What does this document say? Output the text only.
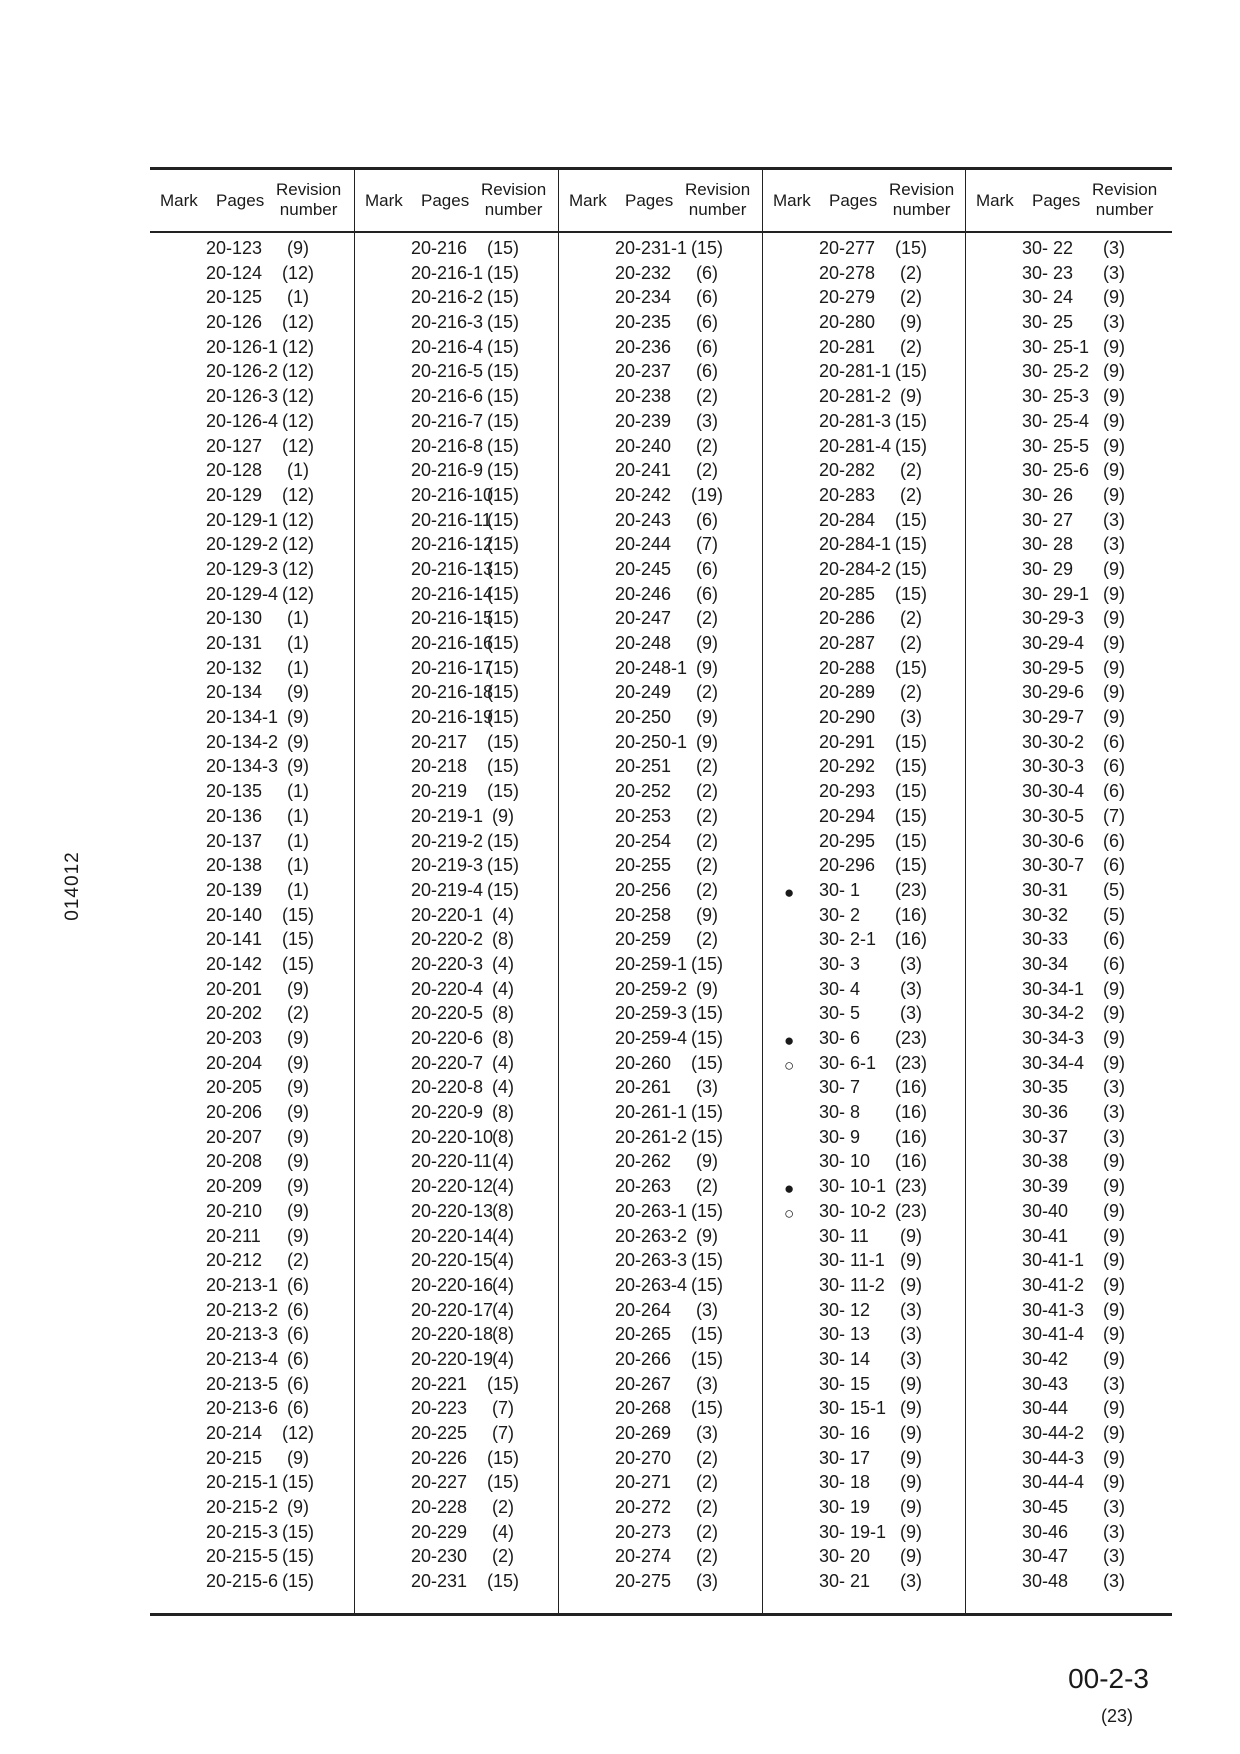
014012
Mark Pages
Revision
number
20-123 (9)
20-124 (12)
20-125 (1)
20-126 (12)
20-126-1 (12)
20-126-2 (12)
20-126-3 (12)
20-126-4 (12)
20-127 (12)
20-128 (1)
20-129 (12)
20-129-1 (12)
20-129-2 (12)
20-129-3 (12)
20-129-4 (12)
20-130 (1)
20-131 (1)
20-132 (1)
20-134 (9)
20-134-1 (9)
20-134-2 (9)
20-134-3 (9)
20-135 (1)
20-136 (1)
20-137 (1)
20-138 (1)
20-139 (1)
20-140 (15)
20-141 (15)
20-142 (15)
20-201 (9)
20-202 (2)
20-203 (9)
20-204 (9)
20-205 (9)
20-206 (9)
20-207 (9)
20-208 (9)
20-209 (9)
20-210 (9)
20-211 (9)
20-212 (2)
20-213-1 (6)
20-213-2 (6)
20-213-3 (6)
20-213-4 (6)
20-213-5 (6)
20-213-6 (6)
20-214 (12)
20-215 (9)
20-215-1 (15)
20-215-2 (9)
20-215-3 (15)
20-215-5 (15)
20-215-6 (15)
Mark Pages
Revision
number
20-216 (15)
20-216-1 (15)
20-216-2 (15)
20-216-3 (15)
20-216-4 (15)
20-216-5 (15)
20-216-6 (15)
20-216-7 (15)
20-216-8 (15)
20-216-9 (15)
20-216-10
(15)
20-216-11
(15)
20-216-12
(15)
20-216-13
(15)
20-216-14
(15)
20-216-15
(15)
20-216-16
(15)
20-216-17
(15)
20-216-18
(15)
20-216-19
(15)
20-217 (15)
20-218 (15)
20-219 (15)
20-219-1 (9)
20-219-2 (15)
20-219-3 (15)
20-219-4 (15)
20-220-1 (4)
20-220-2 (8)
20-220-3 (4)
20-220-4 (4)
20-220-5 (8)
20-220-6 (8)
20-220-7 (4)
20-220-8 (4)
20-220-9 (8)
20-220-10
(8)
20-220-11 (4)
20-220-12
(4)
20-220-13
(8)
20-220-14
(4)
20-220-15
(4)
20-220-16
(4)
20-220-17
(4)
20-220-18
(8)
20-220-19
(4)
20-221 (15)
20-223 (7)
20-225 (7)
20-226 (15)
20-227 (15)
20-228 (2)
20-229 (4)
20-230 (2)
20-231 (15)
Mark Pages
Revision
number
20-231-1 (15)
20-232 (6)
20-234 (6)
20-235 (6)
20-236 (6)
20-237 (6)
20-238 (2)
20-239 (3)
20-240 (2)
20-241 (2)
20-242 (19)
20-243 (6)
20-244 (7)
20-245 (6)
20-246 (6)
20-247 (2)
20-248 (9)
20-248-1 (9)
20-249 (2)
20-250 (9)
20-250-1 (9)
20-251 (2)
20-252 (2)
20-253 (2)
20-254 (2)
20-255 (2)
20-256 (2)
20-258 (9)
20-259 (2)
20-259-1 (15)
20-259-2 (9)
20-259-3 (15)
20-259-4 (15)
20-260 (15)
20-261 (3)
20-261-1 (15)
20-261-2 (15)
20-262 (9)
20-263 (2)
20-263-1 (15)
20-263-2 (9)
20-263-3 (15)
20-263-4 (15)
20-264 (3)
20-265 (15)
20-266 (15)
20-267 (3)
20-268 (15)
20-269 (3)
20-270 (2)
20-271 (2)
20-272 (2)
20-273 (2)
20-274 (2)
20-275 (3)
Mark Pages
Revision
number
20-277 (15)
20-278 (2)
20-279 (2)
20-280 (9)
20-281 (2)
20-281-1 (15)
20-281-2 (9)
20-281-3 (15)
20-281-4 (15)
20-282 (2)
20-283 (2)
20-284 (15)
20-284-1 (15)
20-284-2 (15)
20-285 (15)
20-286 (2)
20-287 (2)
20-288 (15)
20-289 (2)
20-290 (3)
20-291 (15)
20-292 (15)
20-293 (15)
20-294 (15)
20-295 (15)
20-296 (15)
● 30- 1 (23)
30- 2 (16)
30- 2-1 (16)
30- 3 (3)
30- 4 (3)
30- 5 (3)
● 30- 6 (23)
○ 30- 6-1 (23)
30- 7 (16)
30- 8 (16)
30- 9 (16)
30- 10 (16)
● 30- 10-1 (23)
○ 30- 10-2 (23)
30- 11 (9)
30- 11-1 (9)
30- 11-2 (9)
30- 12 (3)
30- 13 (3)
30- 14 (3)
30- 15 (9)
30- 15-1 (9)
30- 16 (9)
30- 17 (9)
30- 18 (9)
30- 19 (9)
30- 19-1 (9)
30- 20 (9)
30- 21 (3)
Mark Pages
Revision
number
30- 22 (3)
30- 23 (3)
30- 24 (9)
30- 25 (3)
30- 25-1 (9)
30- 25-2 (9)
30- 25-3 (9)
30- 25-4 (9)
30- 25-5 (9)
30- 25-6 (9)
30- 26 (9)
30- 27 (3)
30- 28 (3)
30- 29 (9)
30- 29-1 (9)
30-29-3 (9)
30-29-4 (9)
30-29-5 (9)
30-29-6 (9)
30-29-7 (9)
30-30-2 (6)
30-30-3 (6)
30-30-4 (6)
30-30-5 (7)
30-30-6 (6)
30-30-7 (6)
30-31 (5)
30-32 (5)
30-33 (6)
30-34 (6)
30-34-1 (9)
30-34-2 (9)
30-34-3 (9)
30-34-4 (9)
30-35 (3)
30-36 (3)
30-37 (3)
30-38 (9)
30-39 (9)
30-40 (9)
30-41 (9)
30-41-1 (9)
30-41-2 (9)
30-41-3 (9)
30-41-4 (9)
30-42 (9)
30-43 (3)
30-44 (9)
30-44-2 (9)
30-44-3 (9)
30-44-4 (9)
30-45 (3)
30-46 (3)
30-47 (3)
30-48 (3)
00-2-3
(23)
